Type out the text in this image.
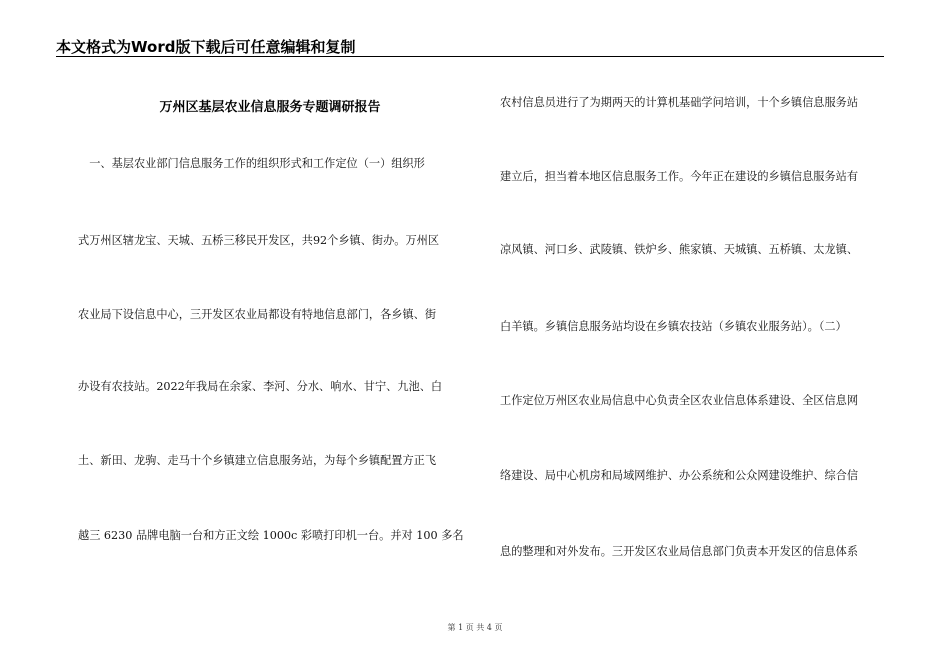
本文格式为Word版下载后可任意编辑和复制
万州区基层农业信息服务专题调研报告
　一、基层农业部门信息服务工作的组织形式和工作定位（一）组织形
式万州区辖龙宝、天城、五桥三移民开发区，共92个乡镇、街办。万州区
农业局下设信息中心，三开发区农业局都设有特地信息部门，各乡镇、街
办设有农技站。2022年我局在余家、李河、分水、响水、甘宁、九池、白
土、新田、龙驹、走马十个乡镇建立信息服务站，为每个乡镇配置方正飞
越三 6230 品牌电脑一台和方正文绘 1000c 彩喷打印机一台。并对 100 多名
农村信息员进行了为期两天的计算机基础学问培训，十个乡镇信息服务站
建立后，担当着本地区信息服务工作。今年正在建设的乡镇信息服务站有
凉风镇、河口乡、武陵镇、铁炉乡、熊家镇、天城镇、五桥镇、太龙镇、
白羊镇。乡镇信息服务站均设在乡镇农技站（乡镇农业服务站）。（二）
工作定位万州区农业局信息中心负责全区农业信息体系建设、全区信息网
络建设、局中心机房和局域网维护、办公系统和公众网建设维护、综合信
息的整理和对外发布。三开发区农业局信息部门负责本开发区的信息体系
第 1 页 共 4 页
